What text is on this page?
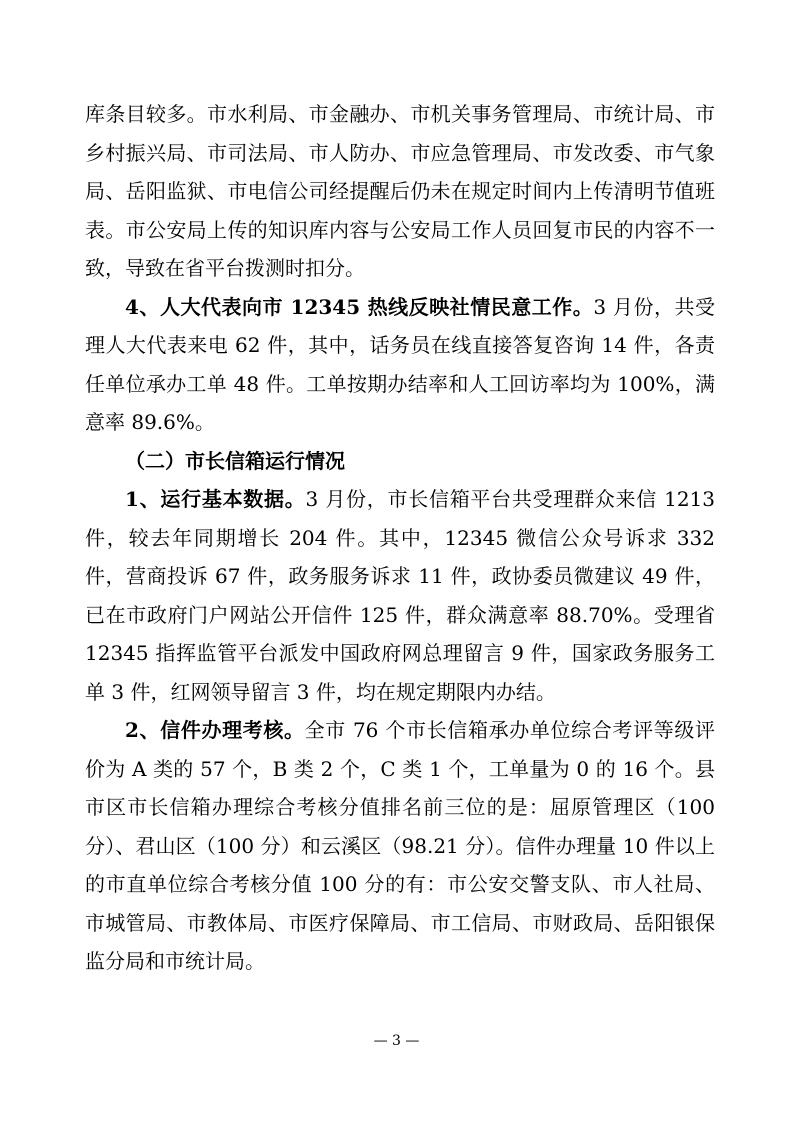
库条目较多。市水利局、市金融办、市机关事务管理局、市统计局、市乡村振兴局、市司法局、市人防办、市应急管理局、市发改委、市气象局、岳阳监狱、市电信公司经提醒后仍未在规定时间内上传清明节值班表。市公安局上传的知识库内容与公安局工作人员回复市民的内容不一致，导致在省平台拨测时扣分。

4、人大代表向市 12345 热线反映社情民意工作。3 月份，共受理人大代表来电 62 件，其中，话务员在线直接答复咨询 14 件，各责任单位承办工单 48 件。工单按期办结率和人工回访率均为 100%，满意率 89.6%。

（二）市长信箱运行情况

1、运行基本数据。3 月份，市长信箱平台共受理群众来信 1213 件，较去年同期增长 204 件。其中，12345 微信公众号诉求 332 件，营商投诉 67 件，政务服务诉求 11 件，政协委员微建议 49 件，已在市政府门户网站公开信件 125 件，群众满意率 88.70%。受理省 12345 指挥监管平台派发中国政府网总理留言 9 件，国家政务服务工单 3 件，红网领导留言 3 件，均在规定期限内办结。

2、信件办理考核。全市 76 个市长信箱承办单位综合考评等级评价为 A 类的 57 个，B 类 2 个，C 类 1 个，工单量为 0 的 16 个。县市区市长信箱办理综合考核分值排名前三位的是：屈原管理区（100 分）、君山区（100 分）和云溪区（98.21 分）。信件办理量 10 件以上的市直单位综合考核分值 100 分的有：市公安交警支队、市人社局、市城管局、市教体局、市医疗保障局、市工信局、市财政局、岳阳银保监分局和市统计局。

— 3 —
